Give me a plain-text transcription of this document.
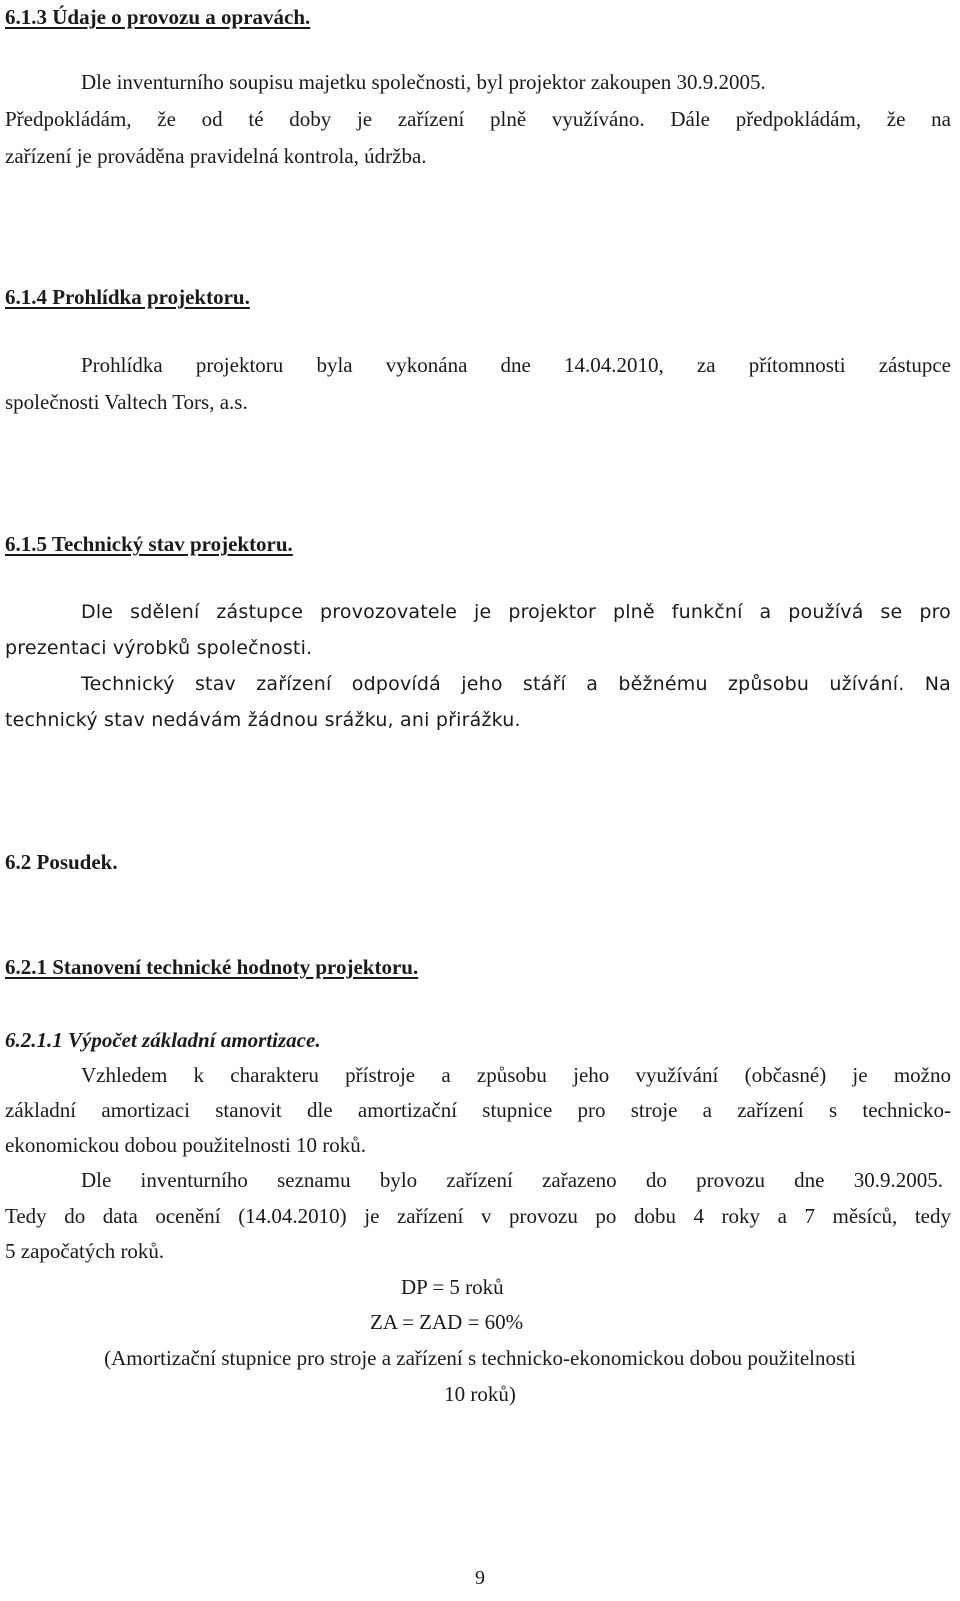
6.1.3 Údaje o provozu a opravách.
Dle inventurního soupisu majetku společnosti, byl projektor zakoupen 30.9.2005.
Předpokládám, že od té doby je zařízení plně využíváno. Dále předpokládám, že na
zařízení je prováděna pravidelná kontrola, údržba.
6.1.4 Prohlídka projektoru.
Prohlídka projektoru byla vykonána dne 14.04.2010, za přítomnosti zástupce
společnosti Valtech Tors, a.s.
6.1.5 Technický stav projektoru.
Dle sdělení zástupce provozovatele je projektor plně funkční a používá se pro
prezentaci výrobků společnosti.
Technický stav zařízení odpovídá jeho stáří a běžnému způsobu užívání. Na
technický stav nedávám žádnou srážku, ani přirážku.
6.2 Posudek.
6.2.1 Stanovení technické hodnoty projektoru.
6.2.1.1 Výpočet základní amortizace.
Vzhledem k charakteru přístroje a způsobu jeho využívání (občasné) je možno
základní amortizaci stanovit dle amortizační stupnice pro stroje a zařízení s technicko-
ekonomickou dobou použitelnosti 10 roků.
Dle inventurního seznamu bylo zařízení zařazeno do provozu dne 30.9.2005.
Tedy do data ocenění (14.04.2010) je zařízení v provozu po dobu 4 roky a 7 měsíců, tedy
5 započatých roků.
DP = 5 roků
ZA = ZAD = 60%
(Amortizační stupnice pro stroje a zařízení s technicko-ekonomickou dobou použitelnosti
10 roků)
9
